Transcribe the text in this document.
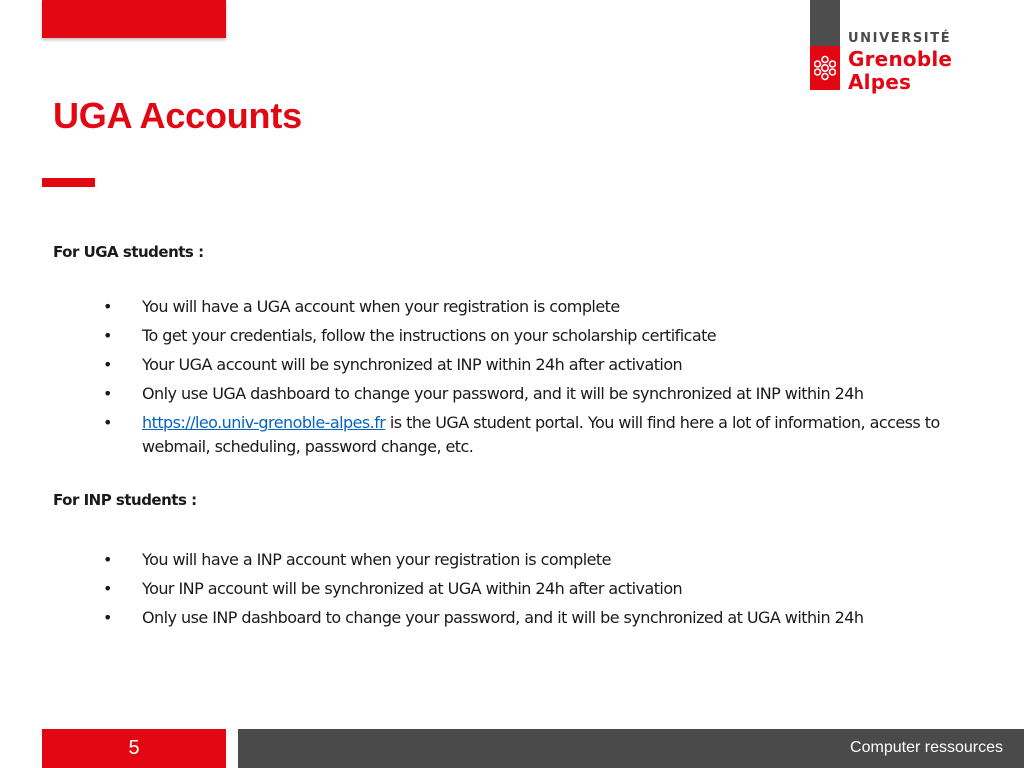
UNIVERSITÉ
Grenoble
Alpes
UGA Accounts
For UGA students :
• You will have a UGA account when your registration is complete
• To get your credentials, follow the instructions on your scholarship certificate
• Your UGA account will be synchronized at INP within 24h after activation
• Only use UGA dashboard to change your password, and it will be synchronized at INP within 24h
• https://leo.univ-grenoble-alpes.fr is the UGA student portal. You will find here a lot of information, access to webmail, scheduling, password change, etc.
For INP students :
• You will have a INP account when your registration is complete
• Your INP account will be synchronized at UGA within 24h after activation
• Only use INP dashboard to change your password, and it will be synchronized at UGA within 24h
5	Computer ressources
